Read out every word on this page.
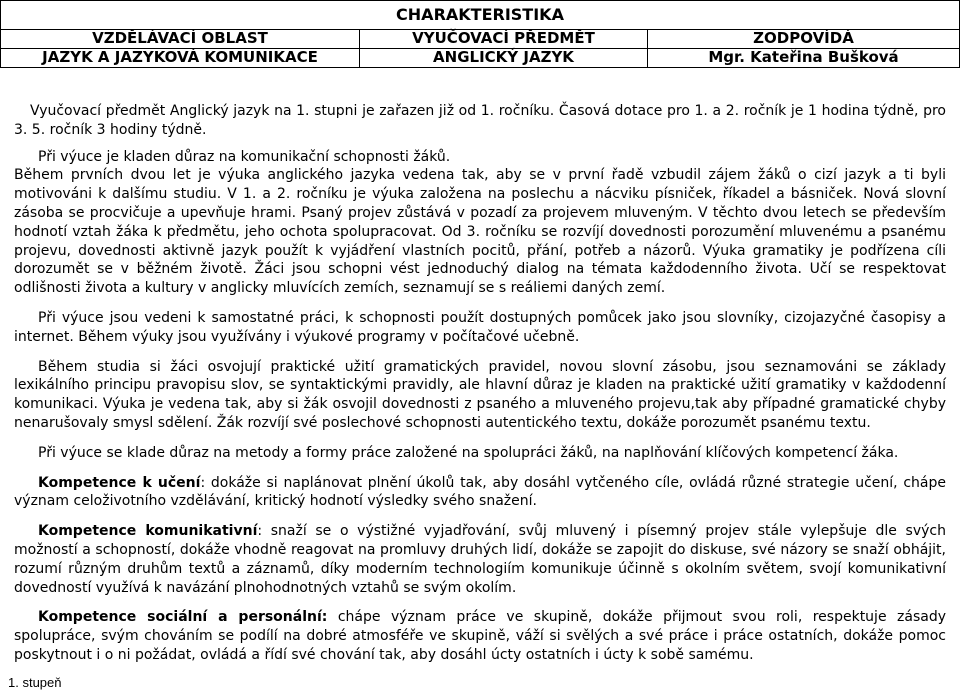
CHARAKTERISTIKA
VZDĚLÁVACÍ OBLAST	VYUČOVACÍ PŘEDMĚT	ZODPOVÍDÁ
JAZYK A JAZYKOVÁ KOMUNIKACE	ANGLICKÝ JAZYK	Mgr. Kateřina Bušková

Vyučovací předmět Anglický jazyk na 1. stupni je zařazen již od 1. ročníku. Časová dotace pro 1. a 2. ročník je 1 hodina týdně, pro 3. 5. ročník 3 hodiny týdně.

Při výuce je kladen důraz na komunikační schopnosti žáků.

Během prvních dvou let je výuka anglického jazyka vedena tak, aby se v první řadě vzbudil zájem žáků o cizí jazyk a ti byli motivováni k dalšímu studiu. V 1. a 2. ročníku je výuka založena na poslechu a nácviku písniček, říkadel a básniček. Nová slovní zásoba se procvičuje a upevňuje hrami. Psaný projev zůstává v pozadí za projevem mluveným. V těchto dvou letech se především hodnotí vztah žáka k předmětu, jeho ochota spolupracovat. Od 3. ročníku se rozvíjí dovednosti porozumění mluvenému a psanému projevu, dovednosti aktivně jazyk použít k vyjádření vlastních pocitů, přání, potřeb a názorů. Výuka gramatiky je podřízena cíli dorozumět se v běžném životě. Žáci jsou schopni vést jednoduchý dialog na témata každodenního života. Učí se respektovat odlišnosti života a kultury v anglicky mluvících zemích, seznamují se s reáliemi daných zemí.

Při výuce jsou vedeni k samostatné práci, k schopnosti použít dostupných pomůcek jako jsou slovníky, cizojazyčné časopisy a internet. Během výuky jsou využívány i výukové programy v počítačové učebně.

Během studia si žáci osvojují praktické užití gramatických pravidel, novou slovní zásobu, jsou seznamováni se základy lexikálního principu pravopisu slov, se syntaktickými pravidly, ale hlavní důraz je kladen na praktické užití gramatiky v každodenní komunikaci. Výuka je vedena tak, aby si žák osvojil dovednosti z psaného a mluveného projevu,tak aby případné gramatické chyby nenarušovaly smysl sdělení. Žák rozvíjí své poslechové schopnosti autentického textu, dokáže porozumět psanému textu.

Při výuce se klade důraz na metody a formy práce založené na spolupráci žáků, na naplňování klíčových kompetencí žáka.

Kompetence k učení: dokáže si naplánovat plnění úkolů tak, aby dosáhl vytčeného cíle, ovládá různé strategie učení, chápe význam celoživotního vzdělávání, kritický hodnotí výsledky svého snažení.

Kompetence komunikativní: snaží se o výstižné vyjadřování, svůj mluvený i písemný projev stále vylepšuje dle svých možností a schopností, dokáže vhodně reagovat na promluvy druhých lidí, dokáže se zapojit do diskuse, své názory se snaží obhájit, rozumí různým druhům textů a záznamů, díky moderním technologiím komunikuje účinně s okolním světem, svojí komunikativní dovedností využívá k navázání plnohodnotných vztahů se svým okolím.

Kompetence sociální a personální: chápe význam práce ve skupině, dokáže přijmout svou roli, respektuje zásady spolupráce, svým chováním se podílí na dobré atmosféře ve skupině, váží si svělých a své práce i práce ostatních, dokáže pomoc poskytnout i o ni požádat, ovládá a řídí své chování tak, aby dosáhl úcty ostatních i úcty k sobě samému.

1. stupeň
